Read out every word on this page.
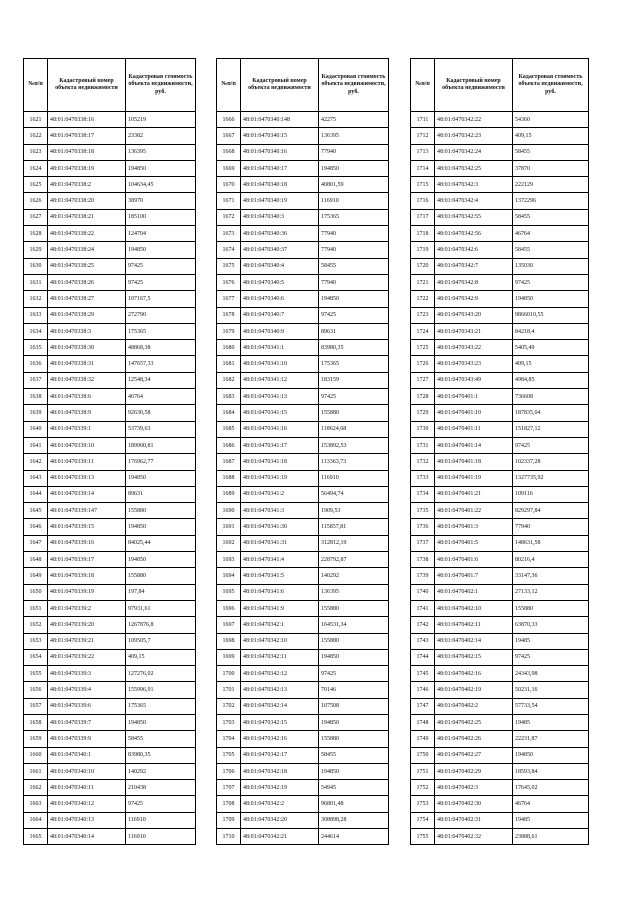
№п/п	Кадастровый номер объекта недвижимости	Кадастровая стоимость объекта недвижимости, руб.
1621	48:01:0470338:16	105219
1622	48:01:0470338:17	23382
1623	48:01:0470338:18	136395
1624	48:01:0470338:19	194850
1625	48:01:0470338:2	104634,45
1626	48:01:0470338:20	38970
1627	48:01:0470338:21	185100
1628	48:01:0470338:22	124704
1629	48:01:0470338:24	194850
1630	48:01:0470338:25	97425
1631	48:01:0470338:26	97425
1632	48:01:0470338:27	107167,5
1633	48:01:0470338:29	272790
1634	48:01:0470338:3	175365
1635	48:01:0470338:30	48868,38
1636	48:01:0470338:31	147657,33
1637	48:01:0470338:32	12548,34
1638	48:01:0470338:6	46764
1639	48:01:0470338:9	92630,58
1640	48:01:0470339:1	53739,63
1641	48:01:0470339:10	189900,81
1642	48:01:0470339:11	176962,77
1643	48:01:0470339:13	194850
1644	48:01:0470339:14	89631
1645	48:01:0470339:147	155880
1646	48:01:0470339:15	194850
1647	48:01:0470339:16	84025,44
1648	48:01:0470339:17	194850
1649	48:01:0470339:18	155880
1650	48:01:0470339:19	197,84
1651	48:01:0470339:2	97931,61
1652	48:01:0470339:20	1267876,8
1653	48:01:0470339:21	109505,7
1654	48:01:0470339:22	409,15
1655	48:01:0470339:3	127276,02
1656	48:01:0470339:4	155996,91
1657	48:01:0470339:6	175365
1658	48:01:0470339:7	194850
1659	48:01:0470339:9	58455
1660	48:01:0470340:1	83980,35
1661	48:01:0470340:10	140292
1662	48:01:0470340:11	210438
1663	48:01:0470340:12	97425
1664	48:01:0470340:13	116910
1665	48:01:0470340:14	116910
№п/п	Кадастровый номер объекта недвижимости	Кадастровая стоимость объекта недвижимости, руб.
1666	48:01:0470340:148	42275
1667	48:01:0470340:15	136395
1668	48:01:0470340:16	77940
1669	48:01:0470340:17	194850
1670	48:01:0470340:18	40801,59
1671	48:01:0470340:19	116910
1672	48:01:0470340:3	175365
1673	48:01:0470340:36	77940
1674	48:01:0470340:37	77940
1675	48:01:0470340:4	58455
1676	48:01:0470340:5	77940
1677	48:01:0470340:6	194850
1678	48:01:0470340:7	97425
1679	48:01:0470340:9	89631
1680	48:01:0470341:1	83980,35
1681	48:01:0470341:10	175365
1682	48:01:0470341:12	183159
1683	48:01:0470341:13	97425
1684	48:01:0470341:15	155880
1685	48:01:0470341:16	118624,68
1686	48:01:0470341:17	153892,53
1687	48:01:0470341:18	113363,73
1688	48:01:0470341:19	116910
1689	48:01:0470341:2	56494,74
1690	48:01:0470341:3	1909,53
1691	48:01:0470341:30	115857,81
1692	48:01:0470341:31	312812,19
1693	48:01:0470341:4	228792,87
1694	48:01:0470341:5	140292
1695	48:01:0470341:6	136395
1696	48:01:0470341:9	155880
1697	48:01:0470342:1	164531,34
1698	48:01:0470342:10	155880
1699	48:01:0470342:11	194850
1700	48:01:0470342:12	97425
1701	48:01:0470342:13	70146
1702	48:01:0470342:14	107508
1703	48:01:0470342:15	194850
1704	48:01:0470342:16	155880
1705	48:01:0470342:17	58455
1706	48:01:0470342:18	194850
1707	48:01:0470342:19	54945
1708	48:01:0470342:2	96801,48
1709	48:01:0470342:20	308898,28
1710	48:01:0470342:21	244614
№п/п	Кадастровый номер объекта недвижимости	Кадастровая стоимость объекта недвижимости, руб.
1711	48:01:0470342:22	54360
1712	48:01:0470342:23	409,15
1713	48:01:0470342:24	58455
1714	48:01:0470342:25	37870
1715	48:01:0470342:3	222129
1716	48:01:0470342:4	1372296
1717	48:01:0470342:55	58455
1718	48:01:0470342:56	46764
1719	48:01:0470342:6	58455
1720	48:01:0470342:7	135030
1721	48:01:0470342:8	97425
1722	48:01:0470342:9	194850
1723	48:01:0470343:20	9866010,55
1724	48:01:0470343:21	84218,4
1725	48:01:0470343:22	5405,49
1726	48:01:0470343:23	409,15
1727	48:01:0470343:49	4984,85
1728	48:01:0470401:1	736608
1729	48:01:0470401:10	187835,04
1730	48:01:0470401:11	151827,12
1731	48:01:0470401:14	97425
1732	48:01:0470401:18	102337,28
1733	48:01:0470401:19	1327735,92
1734	48:01:0470401:21	109116
1735	48:01:0470401:22	829297,84
1736	48:01:0470401:3	77940
1737	48:01:0470401:5	148631,58
1738	48:01:0470401:6	80216,4
1739	48:01:0470401:7	33147,36
1740	48:01:0470402:1	27133,12
1741	48:01:0470402:10	155880
1742	48:01:0470402:11	63870,33
1743	48:01:0470402:14	19485
1744	48:01:0470402:15	97425
1745	48:01:0470402:16	24343,98
1746	48:01:0470402:19	50231,16
1747	48:01:0470402:2	57733,54
1748	48:01:0470402:25	19485
1749	48:01:0470402:26	22231,87
1750	48:01:0470402:27	194850
1751	48:01:0470402:29	18593,84
1752	48:01:0470402:3	17645,02
1753	48:01:0470402:30	46764
1754	48:01:0470402:31	19485
1755	48:01:0470402:32	23888,61
